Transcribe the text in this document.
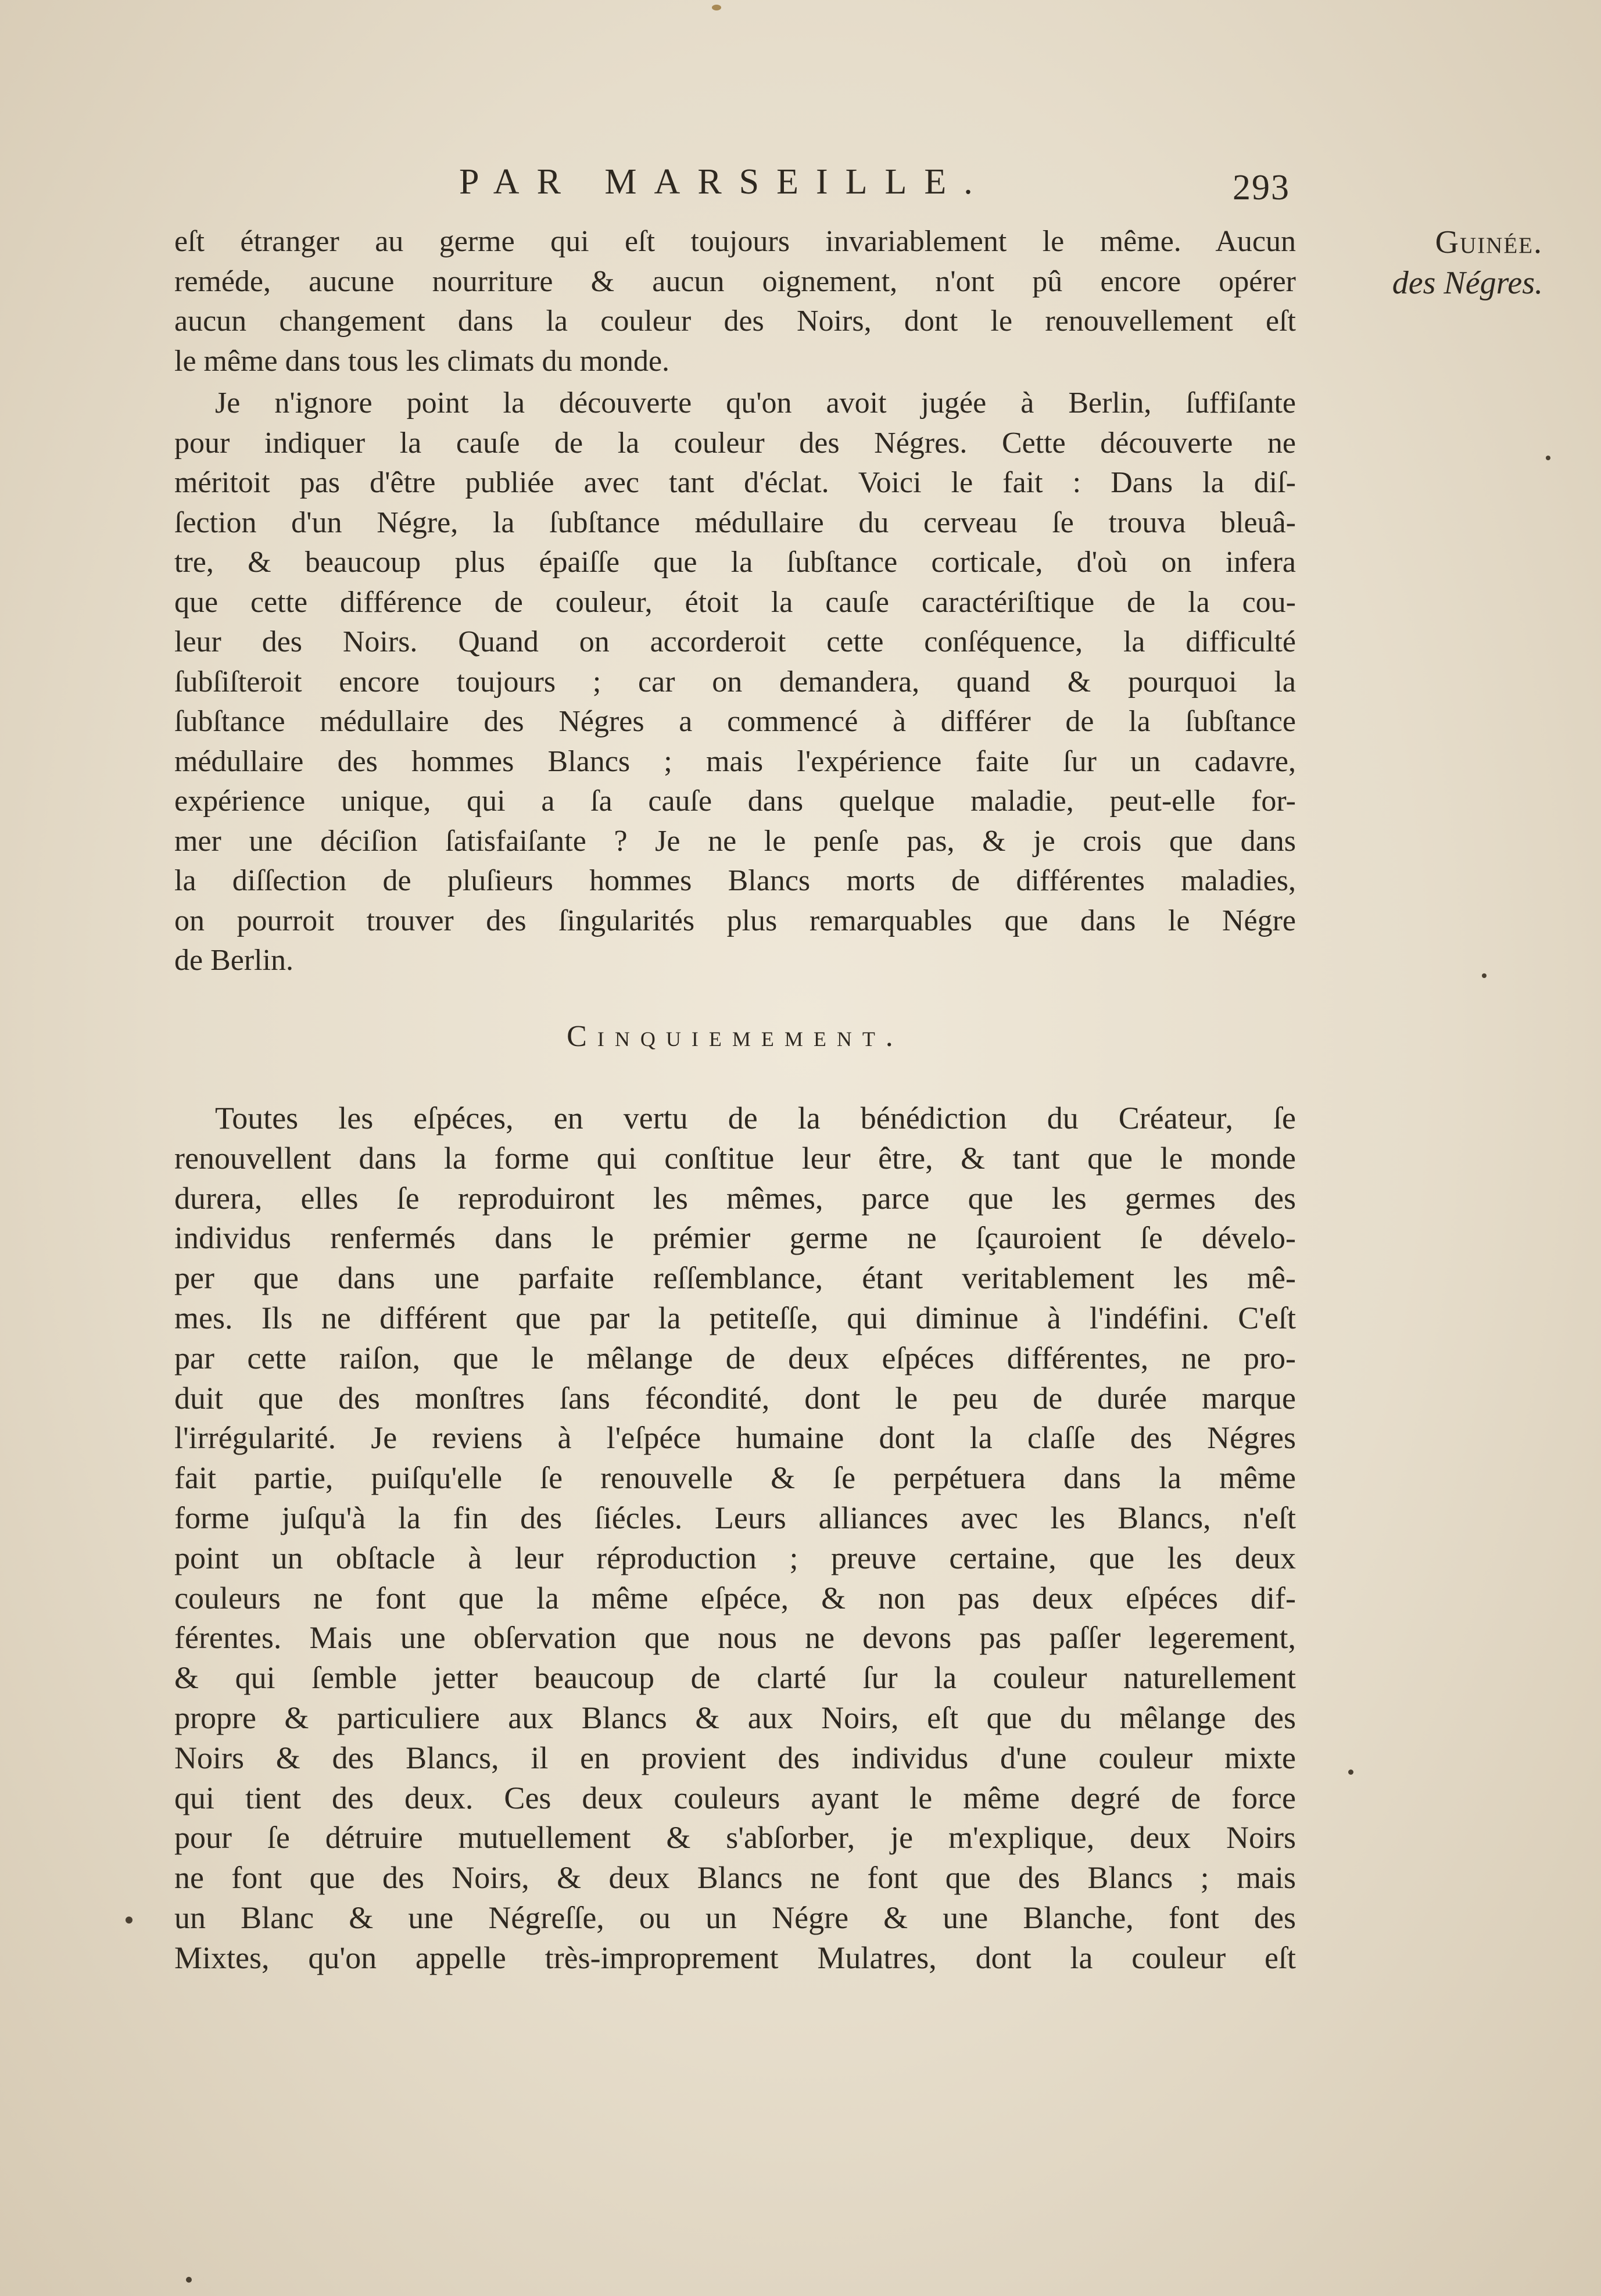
PAR MARSEILLE.	293
Guinée.
des Négres.
eſt étranger au germe qui eſt toujours invariablement le même. Aucun
reméde, aucune nourriture & aucun oignement, n'ont pû encore opérer
aucun changement dans la couleur des Noirs, dont le renouvellement eſt
le même dans tous les climats du monde.
Je n'ignore point la découverte qu'on avoit jugée à Berlin, ſuffiſante
pour indiquer la cauſe de la couleur des Négres. Cette découverte ne
méritoit pas d'être publiée avec tant d'éclat. Voici le fait : Dans la diſ-
ſection d'un Négre, la ſubſtance médullaire du cerveau ſe trouva bleuâ-
tre, & beaucoup plus épaiſſe que la ſubſtance corticale, d'où on infera
que cette différence de couleur, étoit la cauſe caractériſtique de la cou-
leur des Noirs. Quand on accorderoit cette conſéquence, la difficulté
ſubſiſteroit encore toujours ; car on demandera, quand & pourquoi la
ſubſtance médullaire des Négres a commencé à différer de la ſubſtance
médullaire des hommes Blancs ; mais l'expérience faite ſur un cadavre,
expérience unique, qui a ſa cauſe dans quelque maladie, peut-elle for-
mer une déciſion ſatisfaiſante ? Je ne le penſe pas, & je crois que dans
la diſſection de pluſieurs hommes Blancs morts de différentes maladies,
on pourroit trouver des ſingularités plus remarquables que dans le Négre
de Berlin.
Cinquiemement.
Toutes les eſpéces, en vertu de la bénédiction du Créateur, ſe
renouvellent dans la forme qui conſtitue leur être, & tant que le monde
durera, elles ſe reproduiront les mêmes, parce que les germes des
individus renfermés dans le prémier germe ne ſçauroient ſe dévelo-
per que dans une parfaite reſſemblance, étant veritablement les mê-
mes. Ils ne différent que par la petiteſſe, qui diminue à l'indéfini. C'eſt
par cette raiſon, que le mêlange de deux eſpéces différentes, ne pro-
duit que des monſtres ſans fécondité, dont le peu de durée marque
l'irrégularité. Je reviens à l'eſpéce humaine dont la claſſe des Négres
fait partie, puiſqu'elle ſe renouvelle & ſe perpétuera dans la même
forme juſqu'à la fin des ſiécles. Leurs alliances avec les Blancs, n'eſt
point un obſtacle à leur réproduction ; preuve certaine, que les deux
couleurs ne font que la même eſpéce, & non pas deux eſpéces dif-
férentes. Mais une obſervation que nous ne devons pas paſſer legerement,
& qui ſemble jetter beaucoup de clarté ſur la couleur naturellement
propre & particuliere aux Blancs & aux Noirs, eſt que du mêlange des
Noirs & des Blancs, il en provient des individus d'une couleur mixte
qui tient des deux. Ces deux couleurs ayant le même degré de force
pour ſe détruire mutuellement & s'abſorber, je m'explique, deux Noirs
ne font que des Noirs, & deux Blancs ne font que des Blancs ; mais
un Blanc & une Négreſſe, ou un Négre & une Blanche, font des
Mixtes, qu'on appelle très-improprement Mulatres, dont la couleur eſt
